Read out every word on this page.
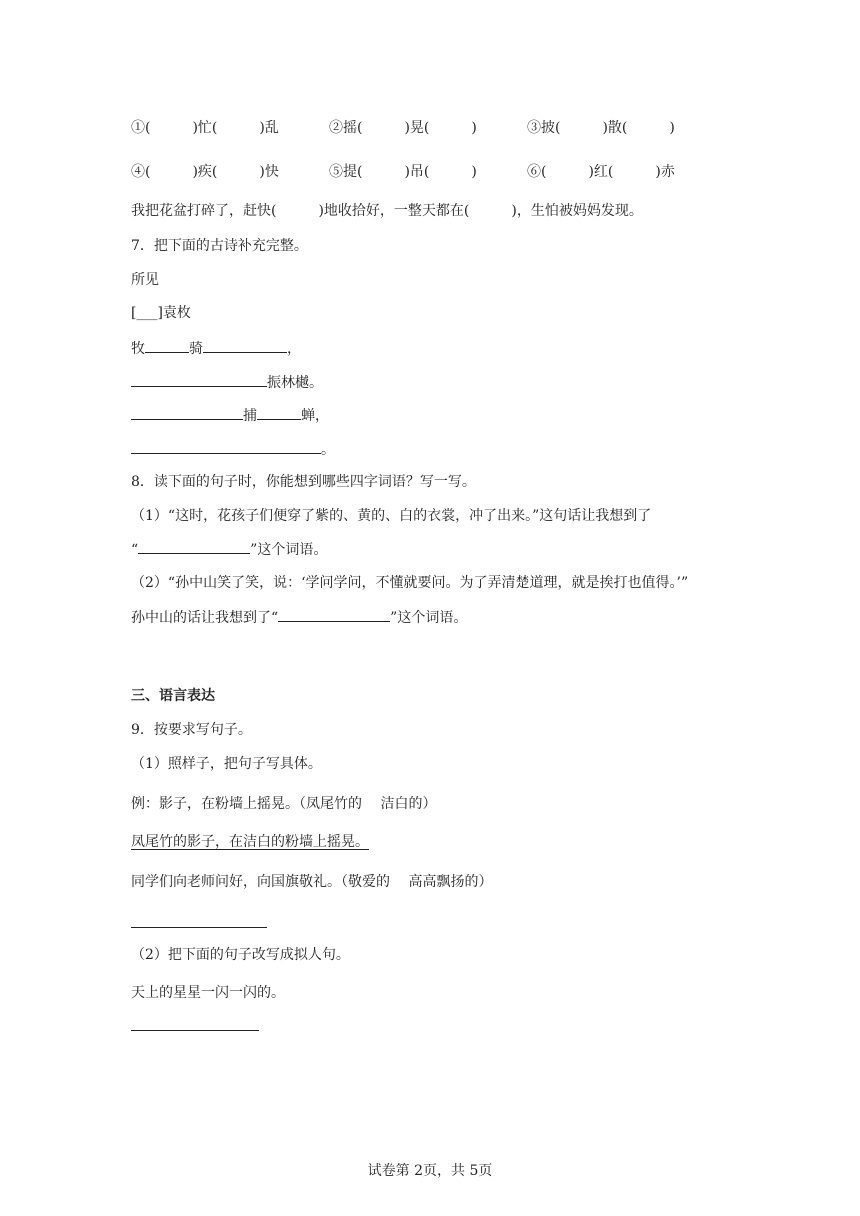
①(　　　)忙(　　　)乱	②摇(　　　)晃(　　　)	③披(　　　)散(　　　)
④(　　　)疾(　　　)快	⑤提(　　　)吊(　　　)	⑥(　　　)红(　　　)赤
我把花盆打碎了，赶快(　　　)地收拾好，一整天都在(　　　)，生怕被妈妈发现。
7．把下面的古诗补充完整。
所见
[___]袁枚
牧	骑	，
振林樾。
捕	蝉，
。
8．读下面的句子时，你能想到哪些四字词语？写一写。
（1）“这时，花孩子们便穿了紫的、黄的、白的衣裳，冲了出来。”这句话让我想到了
“	”这个词语。
（2）“孙中山笑了笑，说：‘学问学问，不懂就要问。为了弄清楚道理，就是挨打也值得。’”
孙中山的话让我想到了“	”这个词语。
三、语言表达
9．按要求写句子。
（1）照样子，把句子写具体。
例：影子，在粉墙上摇晃。（凤尾竹的　 洁白的）
凤尾竹的影子，在洁白的粉墙上摇晃。
同学们向老师问好，向国旗敬礼。（敬爱的　 高高飘扬的）
（2）把下面的句子改写成拟人句。
天上的星星一闪一闪的。
试卷第 2页，共 5页
